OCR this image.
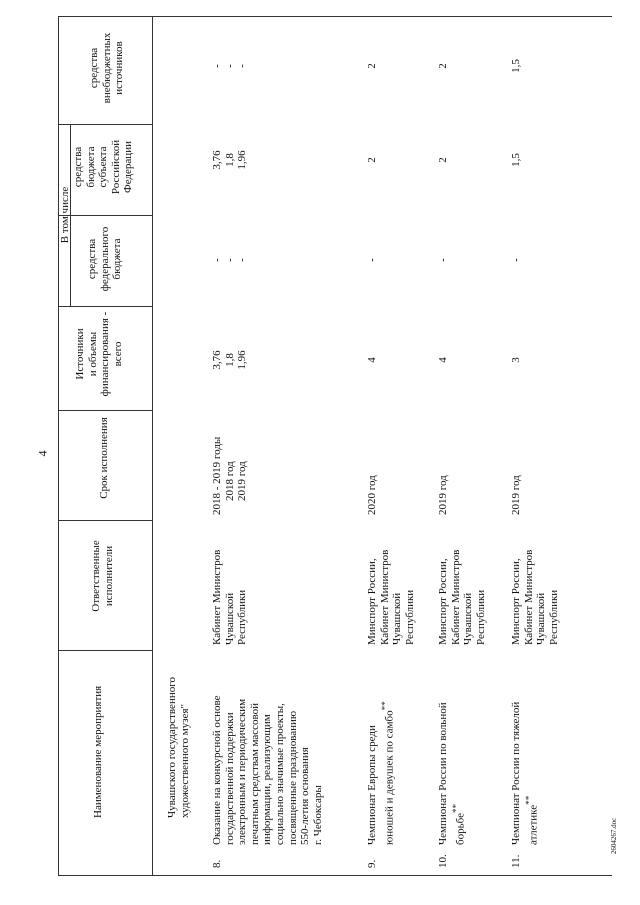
4
2604267.doc
Наименование мероприятия
Ответственные исполнители
Срок исполнения
Источники и объемы финансирования - всего
В том числе
средства федерального бюджета
средства бюджета субъекта Российской Федерации
средства внебюджетных источников
Чувашского государственного художественного музея"
8.
Оказание на конкурсной основе государственной поддержки электронным и периодическим печатным средствам массовой информации, реализующим социально значимые проекты, посвященные празднованию 550-летия основания г. Чебоксары
Кабинет Министров Чувашской Республики
2018 - 2019 годы 2018 год 2019 год
3,76 1,8 1,96
- - -
3,76 1,8 1,96
- - -
9.
Чемпионат Европы среди юношей и девушек по самбо**
Минспорт России, Кабинет Министров Чувашской Республики
2020 год
4
-
2
2
10.
Чемпионат России по вольной борьбе**
Минспорт России, Кабинет Министров Чувашской Республики
2019 год
4
-
2
2
11.
Чемпионат России по тяжелой атлетике**
Минспорт России, Кабинет Министров Чувашской Республики
2019 год
3
-
1,5
1,5
